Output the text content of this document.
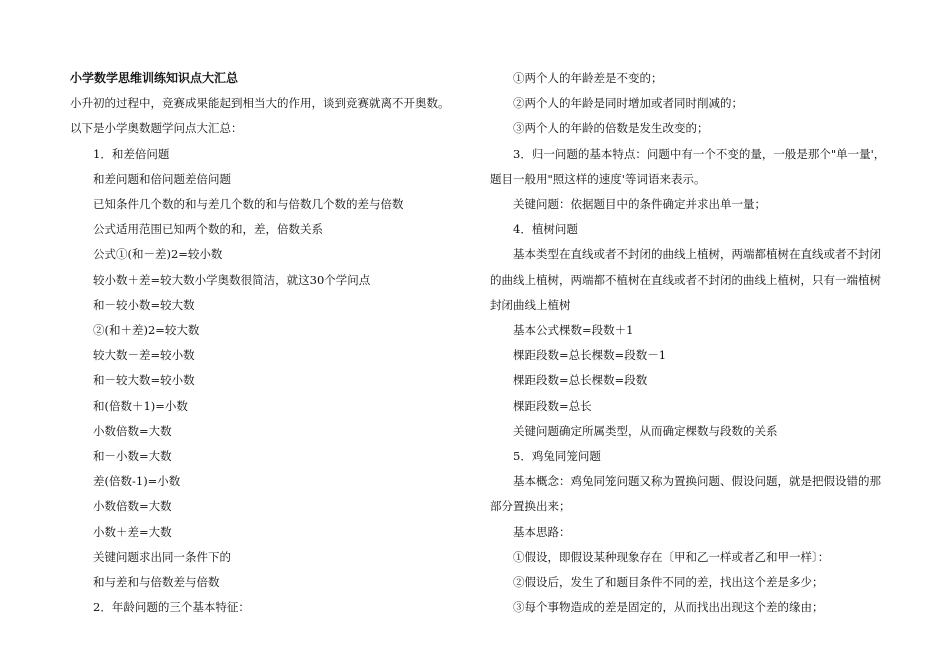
小学数学思维训练知识点大汇总
小升初的过程中，竞赛成果能起到相当大的作用，谈到竞赛就离不开奥数。以下是小学奥数题学问点大汇总：
1．和差倍问题
和差问题和倍问题差倍问题
已知条件几个数的和与差几个数的和与倍数几个数的差与倍数
公式适用范围已知两个数的和，差，倍数关系
公式①(和－差)2=较小数
较小数＋差=较大数小学奥数很简洁，就这30个学问点
和－较小数=较大数
②(和＋差)2=较大数
较大数－差=较小数
和－较大数=较小数
和(倍数＋1)=小数
小数倍数=大数
和－小数=大数
差(倍数-1)=小数
小数倍数=大数
小数＋差=大数
关键问题求出同一条件下的
和与差和与倍数差与倍数
2．年龄问题的三个基本特征：
①两个人的年龄差是不变的；
②两个人的年龄是同时增加或者同时削减的；
③两个人的年龄的倍数是发生改变的；
3．归一问题的基本特点：问题中有一个不变的量，一般是那个"单一量'，题目一般用"照这样的速度'等词语来表示。
关键问题：依据题目中的条件确定并求出单一量；
4．植树问题
基本类型在直线或者不封闭的曲线上植树，两端都植树在直线或者不封闭的曲线上植树，两端都不植树在直线或者不封闭的曲线上植树，只有一端植树封闭曲线上植树
基本公式棵数=段数＋1
棵距段数=总长棵数=段数－1
棵距段数=总长棵数=段数
棵距段数=总长
关键问题确定所属类型，从而确定棵数与段数的关系
5．鸡兔同笼问题
基本概念：鸡兔同笼问题又称为置换问题、假设问题，就是把假设错的那部分置换出来；
基本思路：
①假设，即假设某种现象存在〔甲和乙一样或者乙和甲一样〕：
②假设后，发生了和题目条件不同的差，找出这个差是多少；
③每个事物造成的差是固定的，从而找出出现这个差的缘由；
